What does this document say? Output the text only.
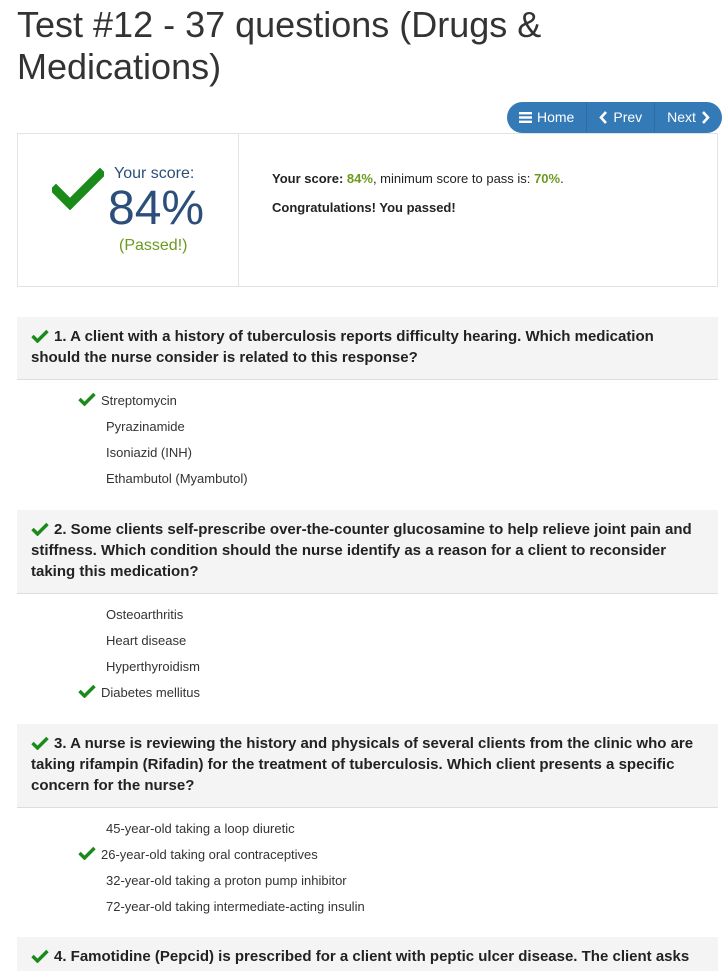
Test #12 - 37 questions (Drugs & Medications)
Home	Prev Next
Your score:
84%
(Passed!)
Your score: 84%, minimum score to pass is: 70%.
Congratulations! You passed!
1. A client with a history of tuberculosis reports difficulty hearing. Which medication should the nurse consider is related to this response?
Streptomycin
Pyrazinamide
Isoniazid (INH)
Ethambutol (Myambutol)
2. Some clients self-prescribe over-the-counter glucosamine to help relieve joint pain and stiffness. Which condition should the nurse identify as a reason for a client to reconsider taking this medication?
Osteoarthritis
Heart disease
Hyperthyroidism
Diabetes mellitus
3. A nurse is reviewing the history and physicals of several clients from the clinic who are taking rifampin (Rifadin) for the treatment of tuberculosis. Which client presents a specific concern for the nurse?
45-year-old taking a loop diuretic
26-year-old taking oral contraceptives
32-year-old taking a proton pump inhibitor
72-year-old taking intermediate-acting insulin
4. Famotidine (Pepcid) is prescribed for a client with peptic ulcer disease. The client asks
